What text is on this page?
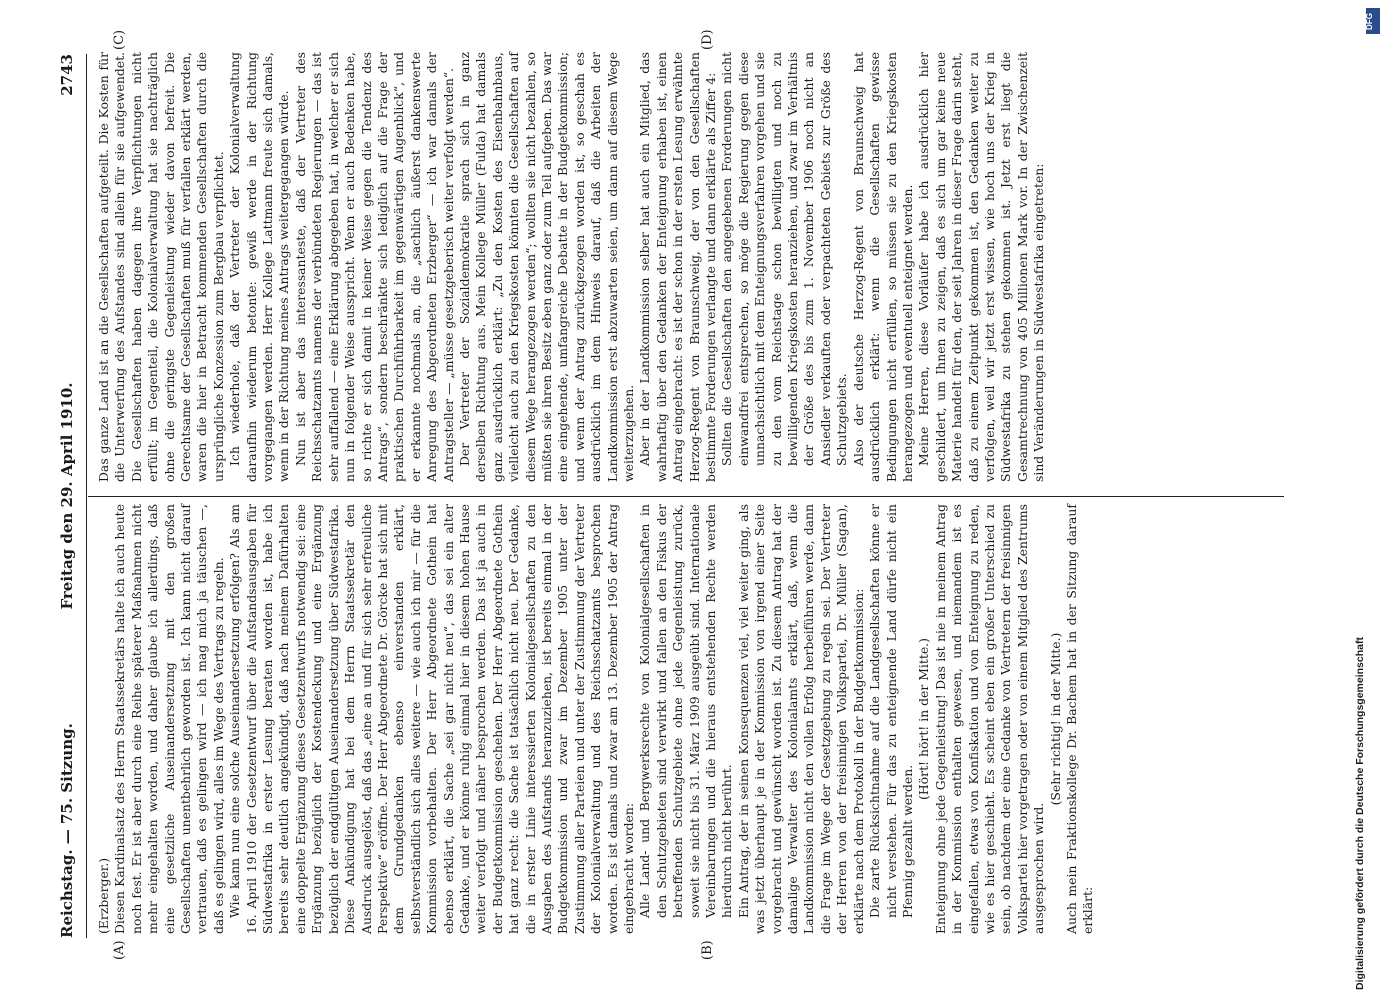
Reichstag. — 75. Sitzung.
Freitag den 29. April 1910.
2743
(A)	(B)
(C)	(D)

(Erzberger.) Diesen Kardinalsatz des Herrn Staatssekretärs halte ich auch heute noch fest. Er ist aber durch eine Reihe späterer Maßnahmen nicht mehr eingehalten worden, und daher glaube ich allerdings, daß eine gesetzliche Auseinandersetzung mit den großen Gesellschaften unentbehrlich geworden ist. Ich kann nicht darauf vertrauen, daß es gelingen wird — ich mag mich ja täuschen —, daß es gelingen wird, alles im Wege des Vertrags zu regeln. Wie kann nun eine solche Auseinandersetzung erfolgen? Als am 16. April 1910 der Gesetzentwurf über die Aufstandsausgaben für Südwestafrika in erster Lesung beraten worden ist, habe ich bereits sehr deutlich angekündigt, daß nach meinem Dafürhalten eine doppelte Ergänzung dieses Gesetzentwurfs notwendig sei: eine Ergänzung bezüglich der Kostendeckung und eine Ergänzung bezüglich der endgültigen Auseinandersetzung über Südwestafrika. Diese Ankündigung hat bei dem Herrn Staatssekretär den Ausdruck ausgelöst, daß das „eine an und für sich sehr erfreuliche Perspektive“ eröffne. Der Herr Abgeordnete Dr. Görcke hat sich mit dem Grundgedanken ebenso einverstanden erklärt, selbstverständlich sich alles weitere — wie auch ich mir — für die Kommission vorbehalten. Der Herr Abgeordnete Gothein hat ebenso erklärt, die Sache „sei gar nicht neu“, das sei ein alter Gedanke, und er könne ruhig einmal hier in diesem hohen Hause weiter verfolgt und näher besprochen werden. Das ist ja auch in der Budgetkommission geschehen. Der Herr Abgeordnete Gothein hat ganz recht: die Sache ist tatsächlich nicht neu. Der Gedanke, die in erster Linie interessierten Kolonialgesellschaften zu den Ausgaben des Aufstands heranzuziehen, ist bereits einmal in der Budgetkommission und zwar im Dezember 1905 unter der Zustimmung aller Parteien und unter der Zustimmung der Vertreter der Kolonialverwaltung und des Reichsschatzamts besprochen worden. Es ist damals und zwar am 13. Dezember 1905 der Antrag eingebracht worden: Alle Land- und Bergwerksrechte von Kolonialgesellschaften in den Schutzgebieten sind verwirkt und fallen an den Fiskus der betreffenden Schutzgebiete ohne jede Gegenleistung zurück, soweit sie nicht bis 31. März 1909 ausgeübt sind. Internationale Vereinbarungen und die hieraus entstehenden Rechte werden hierdurch nicht berührt. Ein Antrag, der in seinen Konsequenzen viel, viel weiter ging, als was jetzt überhaupt je in der Kommission von irgend einer Seite vorgebracht und gewünscht worden ist. Zu diesem Antrag hat der damalige Verwalter des Kolonialamts erklärt, daß, wenn die Landkommission nicht den vollen Erfolg herbeiführen werde, dann die Frage im Wege der Gesetzgebung zu regeln sei. Der Vertreter der Herren von der freisinnigen Volkspartei, Dr. Müller (Sagan), erklärte nach dem Protokoll in der Budgetkommission: Die zarte Rücksichtnahme auf die Landgesellschaften könne er nicht verstehen. Für das zu enteignende Land dürfe nicht ein Pfennig gezahlt werden.

(Hört! hört! in der Mitte.) Enteignung ohne jede Gegenleistung! Das ist nie in meinem Antrag in der Kommission enthalten gewesen, und niemandem ist es eingefallen, etwas von Konfiskation und von Enteignung zu reden, wie es hier geschieht. Es scheint eben ein großer Unterschied zu sein, ob nachdem der eine Gedanke von Vertretern der freisinnigen Volkspartei hier vorgetragen oder von einem Mitglied des Zentrums ausgesprochen wird.

(Sehr richtig! in der Mitte.) Auch mein Fraktionskollege Dr. Bachem hat in der Sitzung darauf erklärt:

Das ganze Land ist an die Gesellschaften aufgeteilt. Die Kosten für die Unterwerfung des Aufstandes sind allein für sie aufgewendet. Die Gesellschaften haben dagegen ihre Verpflichtungen nicht erfüllt; im Gegenteil, die Kolonialverwaltung hat sie nachträglich ohne die geringste Gegenleistung wieder davon befreit. Die Gerechtsame der Gesellschaften muß für verfallen erklärt werden, waren die hier in Betracht kommenden Gesellschaften durch die ursprüngliche Konzession zum Bergbau verpflichtet. Ich wiederhole, daß der Vertreter der Kolonialverwaltung daraufhin wiederum betonte: gewiß werde in der Richtung vorgegangen werden. Herr Kollege Lattmann freute sich damals, wenn in der Richtung meines Antrags weitergegangen würde. Nun ist aber das interessanteste, daß der Vertreter des Reichsschatzamts namens der verbündeten Regierungen — das ist sehr auffallend — eine Erklärung abgegeben hat, in welcher er sich nun in folgender Weise ausspricht. Wenn er auch Bedenken habe, so richte er sich damit in keiner Weise gegen die Tendenz des Antrags“, sondern beschränkte sich lediglich auf die Frage der praktischen Durchführbarkeit im gegenwärtigen Augenblick“, und er erkannte nochmals an, die „sachlich äußerst dankenswerte Anregung des Abgeordneten Erzberger“ — ich war damals der Antragsteller — „müsse gesetzgeberisch weiter verfolgt werden“. Der Vertreter der Sozialdemokratie sprach sich in ganz derselben Richtung aus. Mein Kollege Müller (Fulda) hat damals ganz ausdrücklich erklärt: „Zu den Kosten des Eisenbahnbaus, vielleicht auch zu den Kriegskosten könnten die Gesellschaften auf diesem Wege herangezogen werden“; wollten sie nicht bezahlen, so müßten sie ihren Besitz eben ganz oder zum Teil aufgeben. Das war eine eingehende, umfangreiche Debatte in der Budgetkommission; und wenn der Antrag zurückgezogen worden ist, so geschah es ausdrücklich im dem Hinweis darauf, daß die Arbeiten der Landkommission erst abzuwarten seien, um dann auf diesem Wege weiterzugehen. Aber in der Landkommission selber hat auch ein Mitglied, das wahrhaftig über den Gedanken der Enteignung erhaben ist, einen Antrag eingebracht: es ist der schon in der ersten Lesung erwähnte Herzog-Regent von Braunschweig, der von den Gesellschaften bestimmte Forderungen verlangte und dann erklärte als Ziffer 4: Sollten die Gesellschaften den angegebenen Forderungen nicht einwandfrei entsprechen, so möge die Regierung gegen diese unnachsichtlich mit dem Enteignungsverfahren vorgehen und sie zu den vom Reichstage schon bewilligten und noch zu bewilligenden Kriegskosten heranziehen, und zwar im Verhältnis der Größe des bis zum 1. November 1906 noch nicht an Ansiedler verkauften oder verpachteten Gebiets zur Größe des Schutzgebiets. Also der deutsche Herzog-Regent von Braunschweig hat ausdrücklich erklärt: wenn die Gesellschaften gewisse Bedingungen nicht erfüllen, so müssen sie zu den Kriegskosten herangezogen und eventuell enteignet werden. Meine Herren, diese Vorläufer habe ich ausdrücklich hier geschildert, um Ihnen zu zeigen, daß es sich um gar keine neue Materie handelt für den, der seit Jahren in dieser Frage darin steht, daß zu einem Zeitpunkt gekommen ist, den Gedanken weiter zu verfolgen, weil wir jetzt erst wissen, wie hoch uns der Krieg in Südwestafrika zu stehen gekommen ist. Jetzt erst liegt die Gesamtrechnung von 405 Millionen Mark vor. In der Zwischenzeit sind Veränderungen in Südwestafrika eingetreten:

Digitalisierung gefördert durch die Deutsche Forschungsgemeinschaft
DFG
